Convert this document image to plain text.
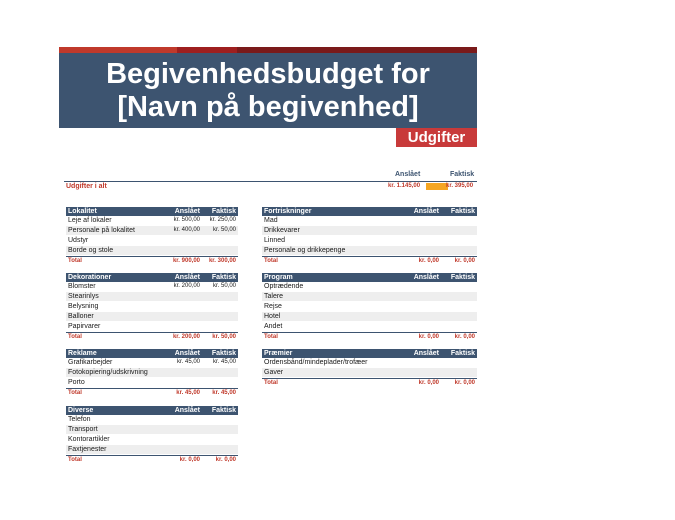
Begivenhedsbudget for
[Navn på begivenhed]
Udgifter
Anslået	Faktisk
Udgifter i alt	kr. 1.145,00	kr. 395,00
Lokalitet	Anslået Faktisk
Leje af lokaler	kr. 500,00 kr. 250,00
Personale på lokalitet	kr. 400,00 kr. 50,00
Udstyr
Borde og stole
Total	kr. 900,00 kr. 300,00
Fortriskninger	Anslået Faktisk
Mad
Drikkevarer
Linned
Personale og drikkepenge
Total	kr. 0,00	kr. 0,00
Dekorationer	Anslået Faktisk
Blomster	kr. 200,00 kr. 50,00
Stearinlys
Belysning
Balloner
Papirvarer
Total	kr. 200,00 kr. 50,00
Program	Anslået Faktisk
Optrædende
Talere
Rejse
Hotel
Andet
Total	kr. 0,00	kr. 0,00
Reklame	Anslået Faktisk
Grafikarbejder	kr. 45,00 kr. 45,00
Fotokopiering/udskrivning
Porto
Total	kr. 45,00 kr. 45,00
Præmier	Anslået Faktisk
Ordensbånd/mindeplader/trofæer
Gaver
Total	kr. 0,00	kr. 0,00
Diverse	Anslået Faktisk
Telefon
Transport
Kontorartikler
Faxtjenester
Total	kr. 0,00	kr. 0,00
